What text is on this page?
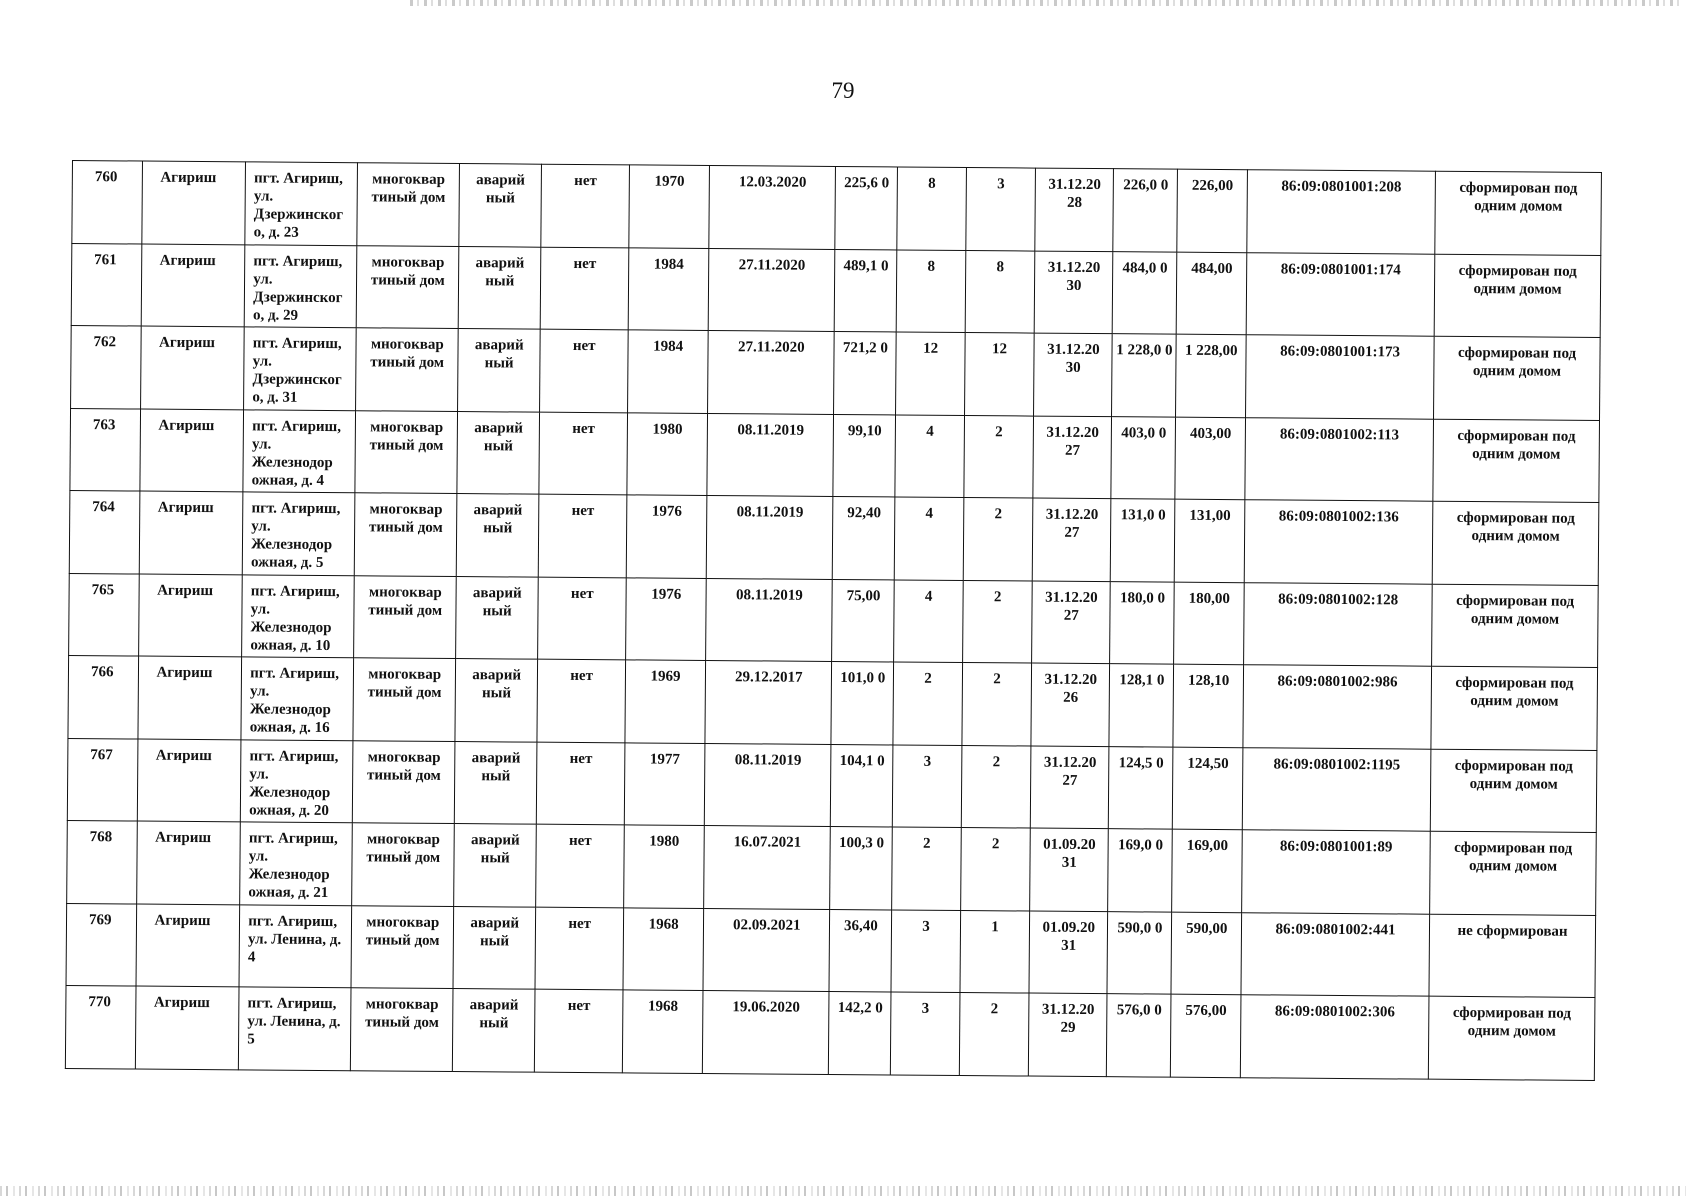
79
760	Агириш	пгт. Агириш, ул. Дзержинског о, д. 23	многоквар тиный дом	аварий ный	нет	1970	12.03.2020	225,6 0	8	3	31.12.20 28	226,0 0	226,00	86:09:0801001:208	сформирован под одним домом
761	Агириш	пгт. Агириш, ул. Дзержинског о, д. 29	многоквар тиный дом	аварий ный	нет	1984	27.11.2020	489,1 0	8	8	31.12.20 30	484,0 0	484,00	86:09:0801001:174	сформирован под одним домом
762	Агириш	пгт. Агириш, ул. Дзержинског о, д. 31	многоквар тиный дом	аварий ный	нет	1984	27.11.2020	721,2 0	12	12	31.12.20 30	1 228,0 0	1 228,00	86:09:0801001:173	сформирован под одним домом
763	Агириш	пгт. Агириш, ул. Железнодор ожная, д. 4	многоквар тиный дом	аварий ный	нет	1980	08.11.2019	99,10	4	2	31.12.20 27	403,0 0	403,00	86:09:0801002:113	сформирован под одним домом
764	Агириш	пгт. Агириш, ул. Железнодор ожная, д. 5	многоквар тиный дом	аварий ный	нет	1976	08.11.2019	92,40	4	2	31.12.20 27	131,0 0	131,00	86:09:0801002:136	сформирован под одним домом
765	Агириш	пгт. Агириш, ул. Железнодор ожная, д. 10	многоквар тиный дом	аварий ный	нет	1976	08.11.2019	75,00	4	2	31.12.20 27	180,0 0	180,00	86:09:0801002:128	сформирован под одним домом
766	Агириш	пгт. Агириш, ул. Железнодор ожная, д. 16	многоквар тиный дом	аварий ный	нет	1969	29.12.2017	101,0 0	2	2	31.12.20 26	128,1 0	128,10	86:09:0801002:986	сформирован под одним домом
767	Агириш	пгт. Агириш, ул. Железнодор ожная, д. 20	многоквар тиный дом	аварий ный	нет	1977	08.11.2019	104,1 0	3	2	31.12.20 27	124,5 0	124,50	86:09:0801002:1195	сформирован под одним домом
768	Агириш	пгт. Агириш, ул. Железнодор ожная, д. 21	многоквар тиный дом	аварий ный	нет	1980	16.07.2021	100,3 0	2	2	01.09.20 31	169,0 0	169,00	86:09:0801001:89	сформирован под одним домом
769	Агириш	пгт. Агириш, ул. Ленина, д. 4	многоквар тиный дом	аварий ный	нет	1968	02.09.2021	36,40	3	1	01.09.20 31	590,0 0	590,00	86:09:0801002:441	не сформирован
770	Агириш	пгт. Агириш, ул. Ленина, д. 5	многоквар тиный дом	аварий ный	нет	1968	19.06.2020	142,2 0	3	2	31.12.20 29	576,0 0	576,00	86:09:0801002:306	сформирован под одним домом
